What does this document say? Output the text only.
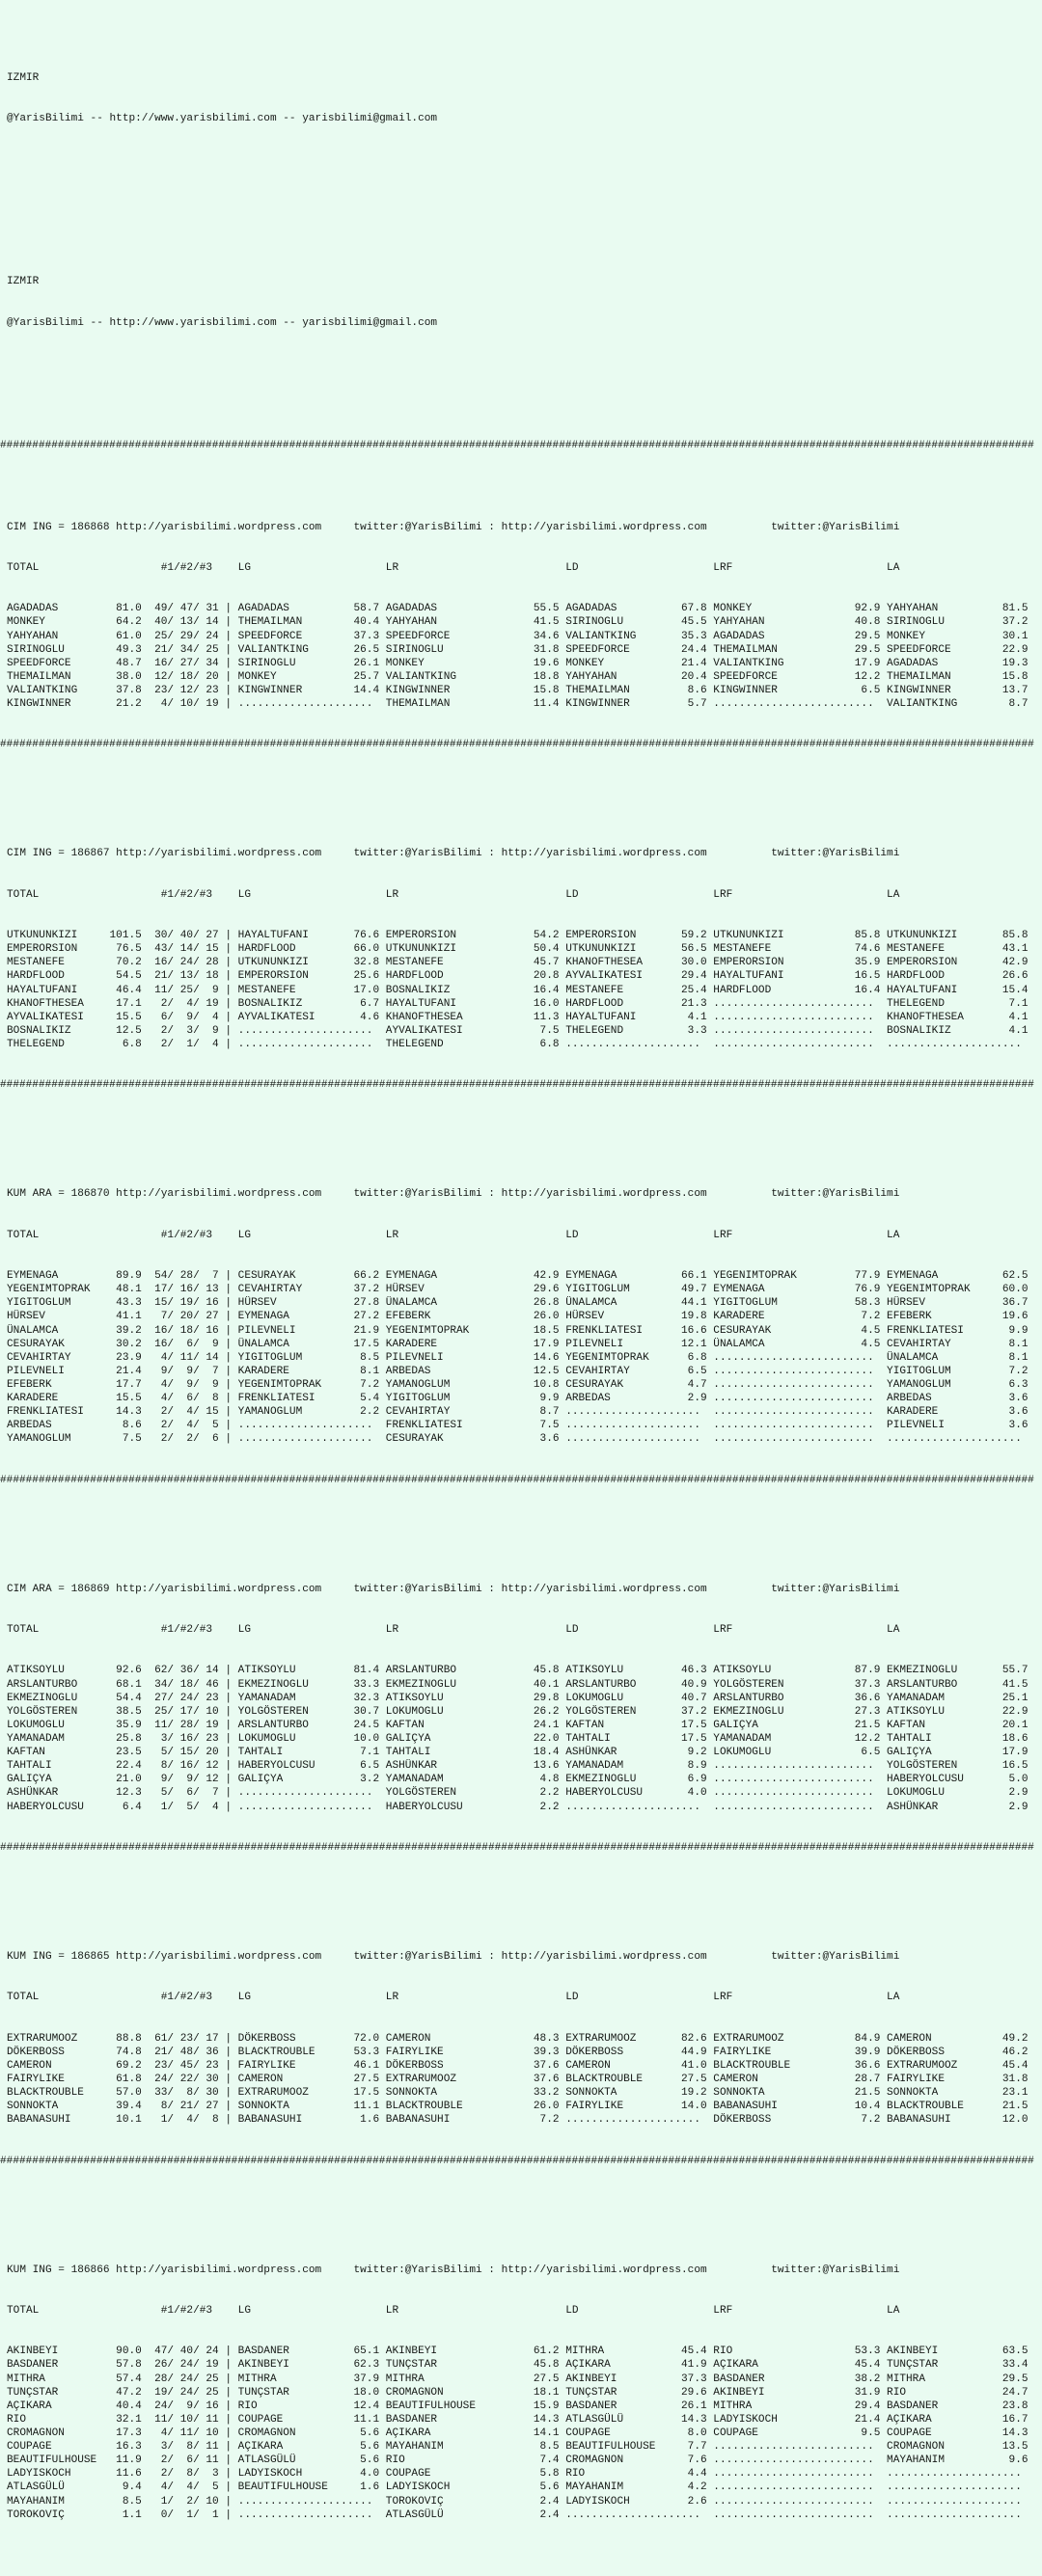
IZMIR

@YarisBilimi -- http://www.yarisbilimi.com -- yarisbilimi@gmail.com

IZMIR

@YarisBilimi -- http://www.yarisbilimi.com -- yarisbilimi@gmail.com

#################################################################################################################################################################

CIM ING = 186868 http://yarisbilimi.wordpress.com     twitter:@YarisBilimi : http://yarisbilimi.wordpress.com          twitter:@YarisBilimi

TOTAL                   #1/#2/#3    LG                     LR                          LD                     LRF                        LA

AGADADAS         81.0  49/ 47/ 31 | AGADADAS          58.7 AGADADAS               55.5 AGADADAS          67.8 MONKEY                92.9 YAHYAHAN          81.5
MONKEY           64.2  40/ 13/ 14 | THEMAILMAN        40.4 YAHYAHAN               41.5 SIRINOGLU         45.5 YAHYAHAN              40.8 SIRINOGLU         37.2
YAHYAHAN         61.0  25/ 29/ 24 | SPEEDFORCE        37.3 SPEEDFORCE             34.6 VALIANTKING       35.3 AGADADAS              29.5 MONKEY            30.1
SIRINOGLU        49.3  21/ 34/ 25 | VALIANTKING       26.5 SIRINOGLU              31.8 SPEEDFORCE        24.4 THEMAILMAN            29.5 SPEEDFORCE        22.9
SPEEDFORCE       48.7  16/ 27/ 34 | SIRINOGLU         26.1 MONKEY                 19.6 MONKEY            21.4 VALIANTKING           17.9 AGADADAS          19.3
THEMAILMAN       38.0  12/ 18/ 20 | MONKEY            25.7 VALIANTKING            18.8 YAHYAHAN          20.4 SPEEDFORCE            12.2 THEMAILMAN        15.8
VALIANTKING      37.8  23/ 12/ 23 | KINGWINNER        14.4 KINGWINNER             15.8 THEMAILMAN         8.6 KINGWINNER             6.5 KINGWINNER        13.7
KINGWINNER       21.2   4/ 10/ 19 | .....................  THEMAILMAN             11.4 KINGWINNER         5.7 .........................  VALIANTKING        8.7

#################################################################################################################################################################

CIM ING = 186867 http://yarisbilimi.wordpress.com     twitter:@YarisBilimi : http://yarisbilimi.wordpress.com          twitter:@YarisBilimi

TOTAL                   #1/#2/#3    LG                     LR                          LD                     LRF                        LA

UTKUNUNKIZI     101.5  30/ 40/ 27 | HAYALTUFANI       76.6 EMPERORSION            54.2 EMPERORSION       59.2 UTKUNUNKIZI           85.8 UTKUNUNKIZI       85.8
EMPERORSION      76.5  43/ 14/ 15 | HARDFLOOD         66.0 UTKUNUNKIZI            50.4 UTKUNUNKIZI       56.5 MESTANEFE             74.6 MESTANEFE         43.1
MESTANEFE        70.2  16/ 24/ 28 | UTKUNUNKIZI       32.8 MESTANEFE              45.7 KHANOFTHESEA      30.0 EMPERORSION           35.9 EMPERORSION       42.9
HARDFLOOD        54.5  21/ 13/ 18 | EMPERORSION       25.6 HARDFLOOD              20.8 AYVALIKATESI      29.4 HAYALTUFANI           16.5 HARDFLOOD         26.6
HAYALTUFANI      46.4  11/ 25/  9 | MESTANEFE         17.0 BOSNALIKIZ             16.4 MESTANEFE         25.4 HARDFLOOD             16.4 HAYALTUFANI       15.4
KHANOFTHESEA     17.1   2/  4/ 19 | BOSNALIKIZ         6.7 HAYALTUFANI            16.0 HARDFLOOD         21.3 .........................  THELEGEND          7.1
AYVALIKATESI     15.5   6/  9/  4 | AYVALIKATESI       4.6 KHANOFTHESEA           11.3 HAYALTUFANI        4.1 .........................  KHANOFTHESEA       4.1
BOSNALIKIZ       12.5   2/  3/  9 | .....................  AYVALIKATESI            7.5 THELEGEND          3.3 .........................  BOSNALIKIZ         4.1
THELEGEND         6.8   2/  1/  4 | .....................  THELEGEND               6.8 .....................  .........................  .....................

#################################################################################################################################################################

KUM ARA = 186870 http://yarisbilimi.wordpress.com     twitter:@YarisBilimi : http://yarisbilimi.wordpress.com          twitter:@YarisBilimi

TOTAL                   #1/#2/#3    LG                     LR                          LD                     LRF                        LA

EYMENAGA         89.9  54/ 28/  7 | CESURAYAK         66.2 EYMENAGA               42.9 EYMENAGA          66.1 YEGENIMTOPRAK         77.9 EYMENAGA          62.5
YEGENIMTOPRAK    48.1  17/ 16/ 13 | CEVAHIRTAY        37.2 HÜRSEV                 29.6 YIGITOGLUM        49.7 EYMENAGA              76.9 YEGENIMTOPRAK     60.0
YIGITOGLUM       43.3  15/ 19/ 16 | HÜRSEV            27.8 ÜNALAMCA               26.8 ÜNALAMCA          44.1 YIGITOGLUM            58.3 HÜRSEV            36.7
HÜRSEV           41.1   7/ 20/ 27 | EYMENAGA          27.2 EFEBERK                26.0 HÜRSEV            19.8 KARADERE               7.2 EFEBERK           19.6
ÜNALAMCA         39.2  16/ 18/ 16 | PILEVNELI         21.9 YEGENIMTOPRAK          18.5 FRENKLIATESI      16.6 CESURAYAK              4.5 FRENKLIATESI       9.9
CESURAYAK        30.2  16/  6/  9 | ÜNALAMCA          17.5 KARADERE               17.9 PILEVNELI         12.1 ÜNALAMCA               4.5 CEVAHIRTAY         8.1
CEVAHIRTAY       23.9   4/ 11/ 14 | YIGITOGLUM         8.5 PILEVNELI              14.6 YEGENIMTOPRAK      6.8 .........................  ÜNALAMCA           8.1
PILEVNELI        21.4   9/  9/  7 | KARADERE           8.1 ARBEDAS                12.5 CEVAHIRTAY         6.5 .........................  YIGITOGLUM         7.2
EFEBERK          17.7   4/  9/  9 | YEGENIMTOPRAK      7.2 YAMANOGLUM             10.8 CESURAYAK          4.7 .........................  YAMANOGLUM         6.3
KARADERE         15.5   4/  6/  8 | FRENKLIATESI       5.4 YIGITOGLUM              9.9 ARBEDAS            2.9 .........................  ARBEDAS            3.6
FRENKLIATESI     14.3   2/  4/ 15 | YAMANOGLUM         2.2 CEVAHIRTAY              8.7 .....................  .........................  KARADERE           3.6
ARBEDAS           8.6   2/  4/  5 | .....................  FRENKLIATESI            7.5 .....................  .........................  PILEVNELI          3.6
YAMANOGLUM        7.5   2/  2/  6 | .....................  CESURAYAK               3.6 .....................  .........................  .....................

#################################################################################################################################################################

CIM ARA = 186869 http://yarisbilimi.wordpress.com     twitter:@YarisBilimi : http://yarisbilimi.wordpress.com          twitter:@YarisBilimi

TOTAL                   #1/#2/#3    LG                     LR                          LD                     LRF                        LA

ATIKSOYLU        92.6  62/ 36/ 14 | ATIKSOYLU         81.4 ARSLANTURBO            45.8 ATIKSOYLU         46.3 ATIKSOYLU             87.9 EKMEZINOGLU       55.7
ARSLANTURBO      68.1  34/ 18/ 46 | EKMEZINOGLU       33.3 EKMEZINOGLU            40.1 ARSLANTURBO       40.9 YOLGÖSTEREN           37.3 ARSLANTURBO       41.5
EKMEZINOGLU      54.4  27/ 24/ 23 | YAMANADAM         32.3 ATIKSOYLU              29.8 LOKUMOGLU         40.7 ARSLANTURBO           36.6 YAMANADAM         25.1
YOLGÖSTEREN      38.5  25/ 17/ 10 | YOLGÖSTEREN       30.7 LOKUMOGLU              26.2 YOLGÖSTEREN       37.2 EKMEZINOGLU           27.3 ATIKSOYLU         22.9
LOKUMOGLU        35.9  11/ 28/ 19 | ARSLANTURBO       24.5 KAFTAN                 24.1 KAFTAN            17.5 GALIÇYA               21.5 KAFTAN            20.1
YAMANADAM        25.8   3/ 16/ 23 | LOKUMOGLU         10.0 GALIÇYA                22.0 TAHTALI           17.5 YAMANADAM             12.2 TAHTALI           18.6
KAFTAN           23.5   5/ 15/ 20 | TAHTALI            7.1 TAHTALI                18.4 ASHÜNKAR           9.2 LOKUMOGLU              6.5 GALIÇYA           17.9
TAHTALI          22.4   8/ 16/ 12 | HABERYOLCUSU       6.5 ASHÜNKAR               13.6 YAMANADAM          8.9 .........................  YOLGÖSTEREN       16.5
GALIÇYA          21.0   9/  9/ 12 | GALIÇYA            3.2 YAMANADAM               4.8 EKMEZINOGLU        6.9 .........................  HABERYOLCUSU       5.0
ASHÜNKAR         12.3   5/  6/  7 | .....................  YOLGÖSTEREN             2.2 HABERYOLCUSU       4.0 .........................  LOKUMOGLU          2.9
HABERYOLCUSU      6.4   1/  5/  4 | .....................  HABERYOLCUSU            2.2 .....................  .........................  ASHÜNKAR           2.9

#################################################################################################################################################################

KUM ING = 186865 http://yarisbilimi.wordpress.com     twitter:@YarisBilimi : http://yarisbilimi.wordpress.com          twitter:@YarisBilimi

TOTAL                   #1/#2/#3    LG                     LR                          LD                     LRF                        LA

EXTRARUMOOZ      88.8  61/ 23/ 17 | DÖKERBOSS         72.0 CAMERON                48.3 EXTRARUMOOZ       82.6 EXTRARUMOOZ           84.9 CAMERON           49.2
DÖKERBOSS        74.8  21/ 48/ 36 | BLACKTROUBLE      53.3 FAIRYLIKE              39.3 DÖKERBOSS         44.9 FAIRYLIKE             39.9 DÖKERBOSS         46.2
CAMERON          69.2  23/ 45/ 23 | FAIRYLIKE         46.1 DÖKERBOSS              37.6 CAMERON           41.0 BLACKTROUBLE          36.6 EXTRARUMOOZ       45.4
FAIRYLIKE        61.8  24/ 22/ 30 | CAMERON           27.5 EXTRARUMOOZ            37.6 BLACKTROUBLE      27.5 CAMERON               28.7 FAIRYLIKE         31.8
BLACKTROUBLE     57.0  33/  8/ 30 | EXTRARUMOOZ       17.5 SONNOKTA               33.2 SONNOKTA          19.2 SONNOKTA              21.5 SONNOKTA          23.1
SONNOKTA         39.4   8/ 21/ 27 | SONNOKTA          11.1 BLACKTROUBLE           26.0 FAIRYLIKE         14.0 BABANASUHI            10.4 BLACKTROUBLE      21.5
BABANASUHI       10.1   1/  4/  8 | BABANASUHI         1.6 BABANASUHI              7.2 .....................  DÖKERBOSS              7.2 BABANASUHI        12.0

#################################################################################################################################################################

KUM ING = 186866 http://yarisbilimi.wordpress.com     twitter:@YarisBilimi : http://yarisbilimi.wordpress.com          twitter:@YarisBilimi

TOTAL                   #1/#2/#3    LG                     LR                          LD                     LRF                        LA

AKINBEYI         90.0  47/ 40/ 24 | BASDANER          65.1 AKINBEYI               61.2 MITHRA            45.4 RIO                   53.3 AKINBEYI          63.5
BASDANER         57.8  26/ 24/ 19 | AKINBEYI          62.3 TUNÇSTAR               45.8 AÇIKARA           41.9 AÇIKARA               45.4 TUNÇSTAR          33.4
MITHRA           57.4  28/ 24/ 25 | MITHRA            37.9 MITHRA                 27.5 AKINBEYI          37.3 BASDANER              38.2 MITHRA            29.5
TUNÇSTAR         47.2  19/ 24/ 25 | TUNÇSTAR          18.0 CROMAGNON              18.1 TUNÇSTAR          29.6 AKINBEYI              31.9 RIO               24.7
AÇIKARA          40.4  24/  9/ 16 | RIO               12.4 BEAUTIFULHOUSE         15.9 BASDANER          26.1 MITHRA                29.4 BASDANER          23.8
RIO              32.1  11/ 10/ 11 | COUPAGE           11.1 BASDANER               14.3 ATLASGÜLÜ         14.3 LADYISKOCH            21.4 AÇIKARA           16.7
CROMAGNON        17.3   4/ 11/ 10 | CROMAGNON          5.6 AÇIKARA                14.1 COUPAGE            8.0 COUPAGE                9.5 COUPAGE           14.3
COUPAGE          16.3   3/  8/ 11 | AÇIKARA            5.6 MAYAHANIM               8.5 BEAUTIFULHOUSE     7.7 .........................  CROMAGNON         13.5
BEAUTIFULHOUSE   11.9   2/  6/ 11 | ATLASGÜLÜ          5.6 RIO                     7.4 CROMAGNON          7.6 .........................  MAYAHANIM          9.6
LADYISKOCH       11.6   2/  8/  3 | LADYISKOCH         4.0 COUPAGE                 5.8 RIO                4.4 .........................  .....................
ATLASGÜLÜ         9.4   4/  4/  5 | BEAUTIFULHOUSE     1.6 LADYISKOCH              5.6 MAYAHANIM          4.2 .........................  .....................
MAYAHANIM         8.5   1/  2/ 10 | .....................  TOROKOVIÇ               2.4 LADYISKOCH         2.6 .........................  .....................
TOROKOVIÇ         1.1   0/  1/  1 | .....................  ATLASGÜLÜ               2.4 .....................  .........................  .....................
